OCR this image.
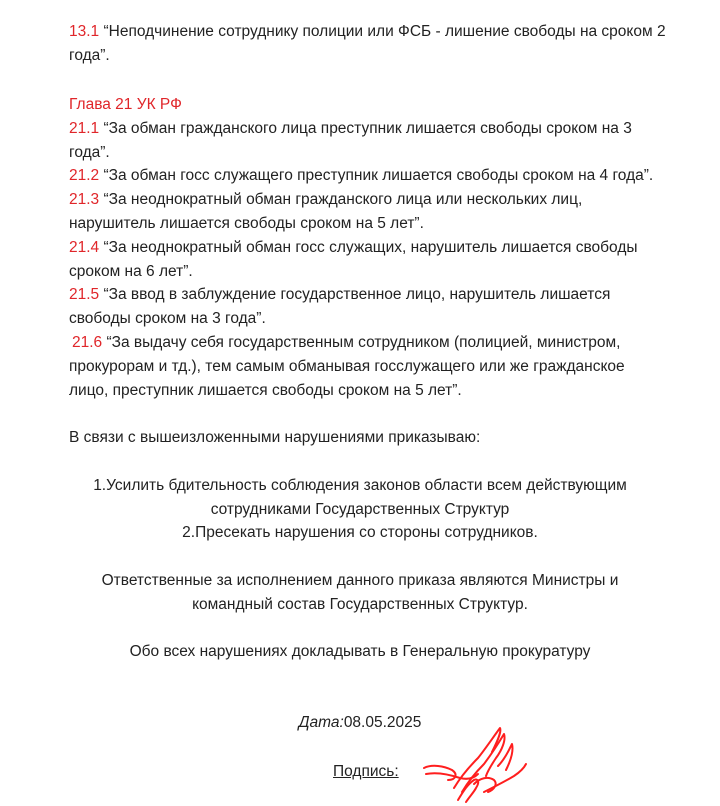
13.1 “Неподчинение сотруднику полиции или ФСБ - лишение свободы на сроком 2
года”.
Глава 21 УК РФ
21.1 “За обман гражданского лица преступник лишается свободы сроком на 3
года”.
21.2 “За обман госс служащего преступник лишается свободы сроком на 4 года”.
21.3 “За неоднократный обман гражданского лица или нескольких лиц,
нарушитель лишается свободы сроком на 5 лет”.
21.4 “За неоднократный обман госс служащих, нарушитель лишается свободы
сроком на 6 лет”.
21.5 “За ввод в заблуждение государственное лицо, нарушитель лишается
свободы сроком на 3 года”.
21.6 “За выдачу себя государственным сотрудником (полицией, министром,
прокурорам и тд.), тем самым обманывая госслужащего или же гражданское
лицо, преступник лишается свободы сроком на 5 лет”.
В связи с вышеизложенными нарушениями приказываю:
1.Усилить бдительность соблюдения законов области всем действующим
сотрудниками Государственных Структур
2.Пресекать нарушения со стороны сотрудников.
Ответственные за исполнением данного приказа являются Министры и
командный состав Государственных Структур.
Обо всех нарушениях докладывать в Генеральную прокуратуру
Дата:08.05.2025
Подпись:
